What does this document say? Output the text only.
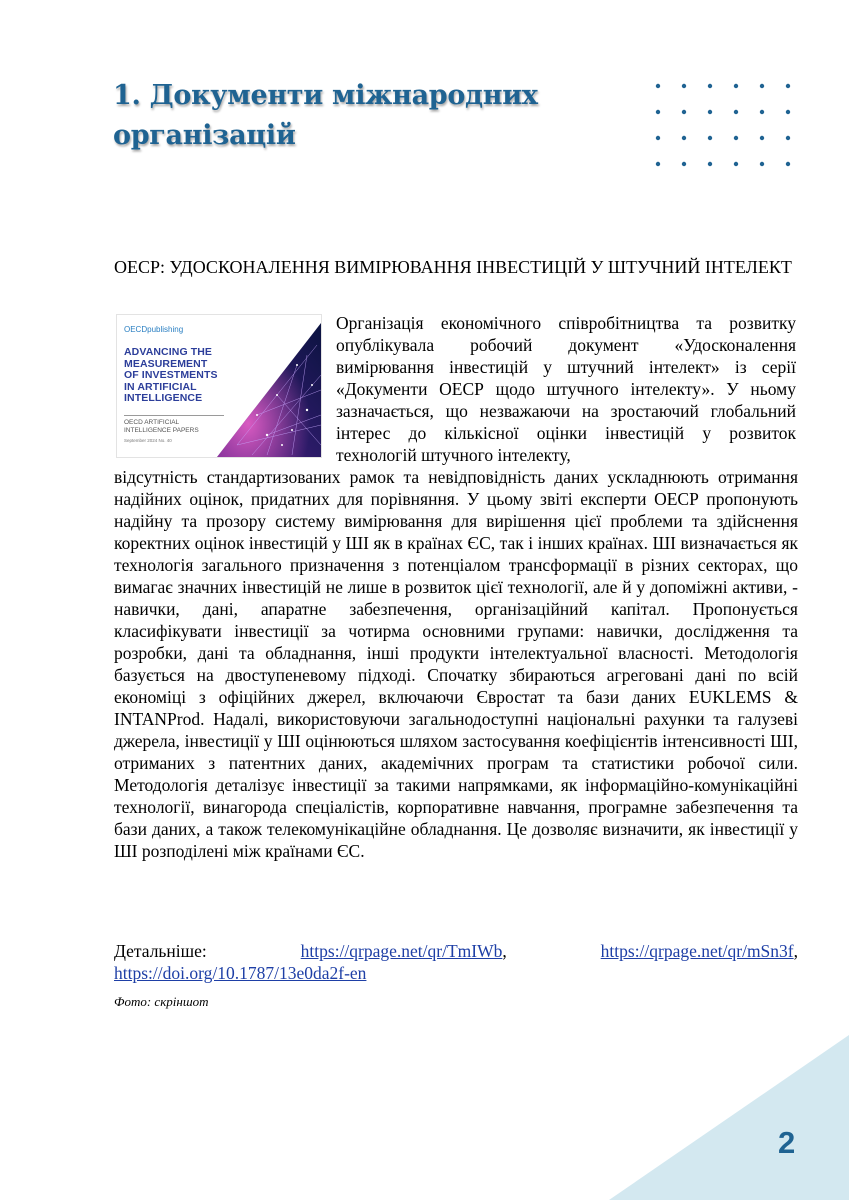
1. Документи міжнародних
організацій
OECP: УДОСКОНАЛЕННЯ ВИМІРЮВАННЯ ІНВЕСТИЦІЙ У ШТУЧНИЙ ІНТЕЛЕКТ
OECDpublishing
ADVANCING THE
MEASUREMENT
OF INVESTMENTS
IN ARTIFICIAL
INTELLIGENCE
OECD ARTIFICIAL
INTELLIGENCE PAPERS
September 2024 No. 40
Організація економічного співробітництва та розвитку опублікувала робочий документ «Удосконалення вимірювання інвестицій у штучний інтелект» із серії «Документи ОЕСР щодо штучного інтелекту». У ньому зазначається, що незважаючи на зростаючий глобальний інтерес до кількісної оцінки інвестицій у розвиток технологій штучного інтелекту,
відсутність стандартизованих рамок та невідповідність даних ускладнюють отримання надійних оцінок, придатних для порівняння. У цьому звіті експерти ОЕСР пропонують надійну та прозору систему вимірювання для вирішення цієї проблеми та здійснення коректних оцінок інвестицій у ШІ як в країнах ЄС, так і інших країнах. ШІ визначається як технологія загального призначення з потенціалом трансформації в різних секторах, що вимагає значних інвестицій не лише в розвиток цієї технології, але й у допоміжні активи, - навички, дані, апаратне забезпечення, організаційний капітал. Пропонується класифікувати інвестиції за чотирма основними групами: навички, дослідження та розробки, дані та обладнання, інші продукти інтелектуальної власності. Методологія базується на двоступеневому підході. Спочатку збираються агреговані дані по всій економіці з офіційних джерел, включаючи Євростат та бази даних EUKLEMS & INTANProd. Надалі, використовуючи загальнодоступні національні рахунки та галузеві джерела, інвестиції у ШІ оцінюються шляхом застосування коефіцієнтів інтенсивності ШІ, отриманих з патентних даних, академічних програм та статистики робочої сили. Методологія деталізує інвестиції за такими напрямками, як інформаційно-комунікаційні технології, винагорода спеціалістів, корпоративне навчання, програмне забезпечення та бази даних, а також телекомунікаційне обладнання. Це дозволяє визначити, як інвестиції у ШІ розподілені між країнами ЄС.
Детальніше:	https://qrpage.net/qr/TmIWb,	https://qrpage.net/qr/mSn3f,
https://doi.org/10.1787/13e0da2f-en
Фото: скріншот
2
